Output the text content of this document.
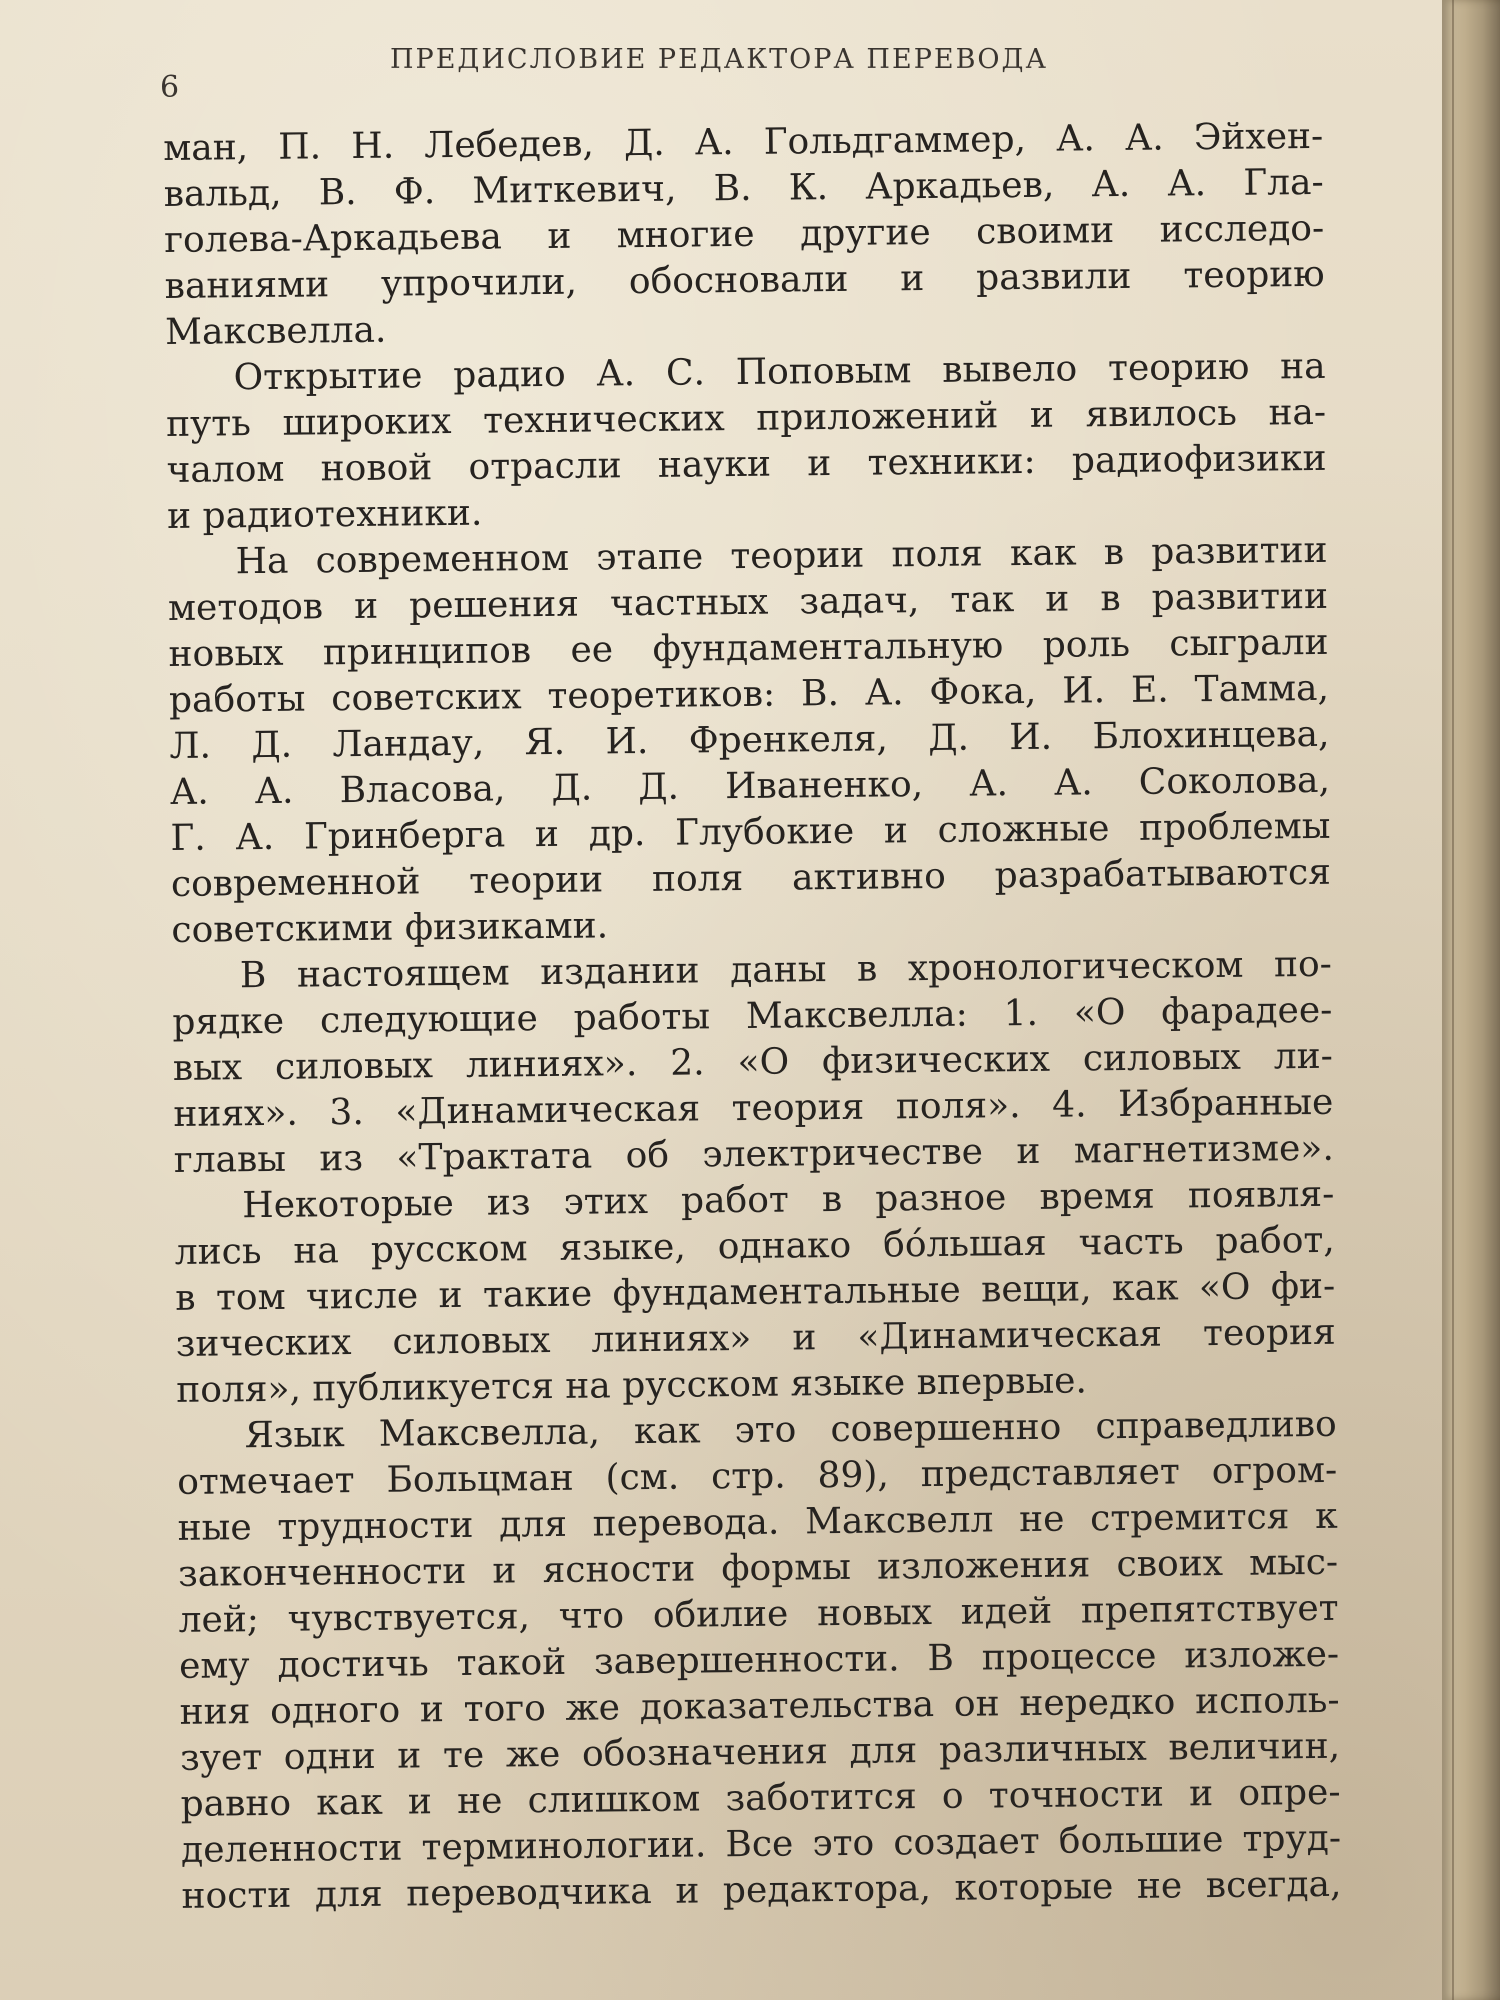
6
ПРЕДИСЛОВИЕ РЕДАКТОРА ПЕРЕВОДА
ман, П. Н. Лебедев, Д. А. Гольдгаммер, А. А. Эйхен-
вальд, В. Ф. Миткевич, В. К. Аркадьев, А. А. Гла-
голева-Аркадьева и многие другие своими исследо-
ваниями упрочили, обосновали и развили теорию
Максвелла.
Открытие радио А. С. Поповым вывело теорию на
путь широких технических приложений и явилось на-
чалом новой отрасли науки и техники: радиофизики
и радиотехники.
На современном этапе теории поля как в развитии
методов и решения частных задач, так и в развитии
новых принципов ее фундаментальную роль сыграли
работы советских теоретиков: В. А. Фока, И. Е. Тамма,
Л. Д. Ландау, Я. И. Френкеля, Д. И. Блохинцева,
А. А. Власова, Д. Д. Иваненко, А. А. Соколова,
Г. А. Гринберга и др. Глубокие и сложные проблемы
современной теории поля активно разрабатываются
советскими физиками.
В настоящем издании даны в хронологическом по-
рядке следующие работы Максвелла: 1. «О фарадее-
вых силовых линиях». 2. «О физических силовых ли-
ниях». 3. «Динамическая теория поля». 4. Избранные
главы из «Трактата об электричестве и магнетизме».
Некоторые из этих работ в разное время появля-
лись на русском языке, однако бо́льшая часть работ,
в том числе и такие фундаментальные вещи, как «О фи-
зических силовых линиях» и «Динамическая теория
поля», публикуется на русском языке впервые.
Язык Максвелла, как это совершенно справедливо
отмечает Больцман (см. стр. 89), представляет огром-
ные трудности для перевода. Максвелл не стремится к
законченности и ясности формы изложения своих мыс-
лей; чувствуется, что обилие новых идей препятствует
ему достичь такой завершенности. В процессе изложе-
ния одного и того же доказательства он нередко исполь-
зует одни и те же обозначения для различных величин,
равно как и не слишком заботится о точности и опре-
деленности терминологии. Все это создает большие труд-
ности для переводчика и редактора, которые не всегда,
